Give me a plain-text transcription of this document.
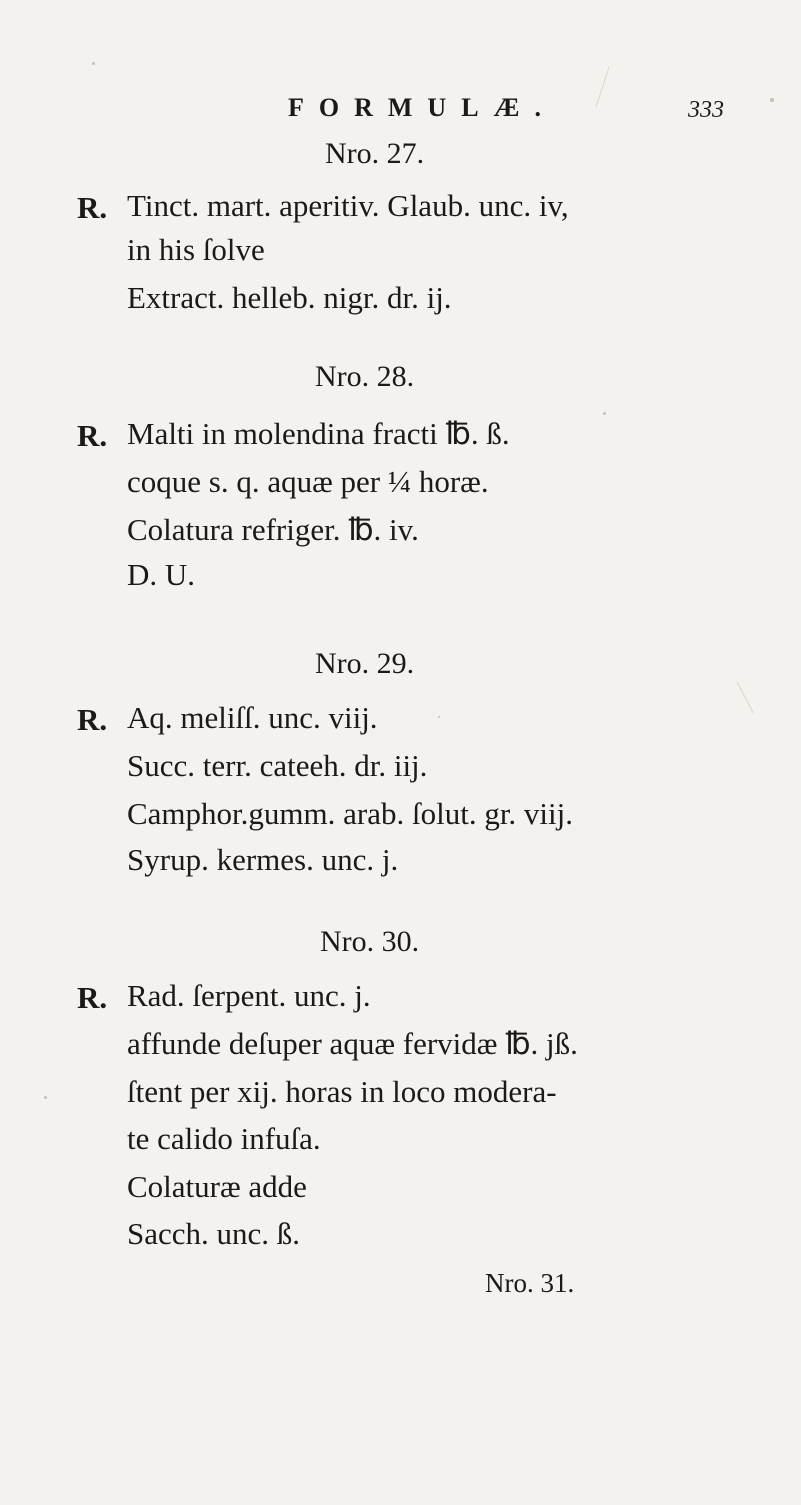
FORMULÆ.	333
Nro. 27.
R. Tinct. mart. aperitiv. Glaub. unc. iv,
in his ſolve
Extract. helleb. nigr. dr. ij.
Nro. 28.
R. Malti in molendina fracti ℔. ß.
coque s. q. aquæ per ¼ horæ.
Colatura refriger. ℔. iv.
D. U.
Nro. 29.
R. Aq. meliſſ. unc. viij.
Succ. terr. cateeh. dr. iij.
Camphor.gumm. arab. ſolut. gr. viij.
Syrup. kermes. unc. j.
Nro. 30.
R. Rad. ſerpent. unc. j.
affunde deſuper aquæ fervidæ ℔. jß.
ſtent per xij. horas in loco modera-
te calido infuſa.
Colaturæ adde
Sacch. unc. ß.
Nro. 31.
